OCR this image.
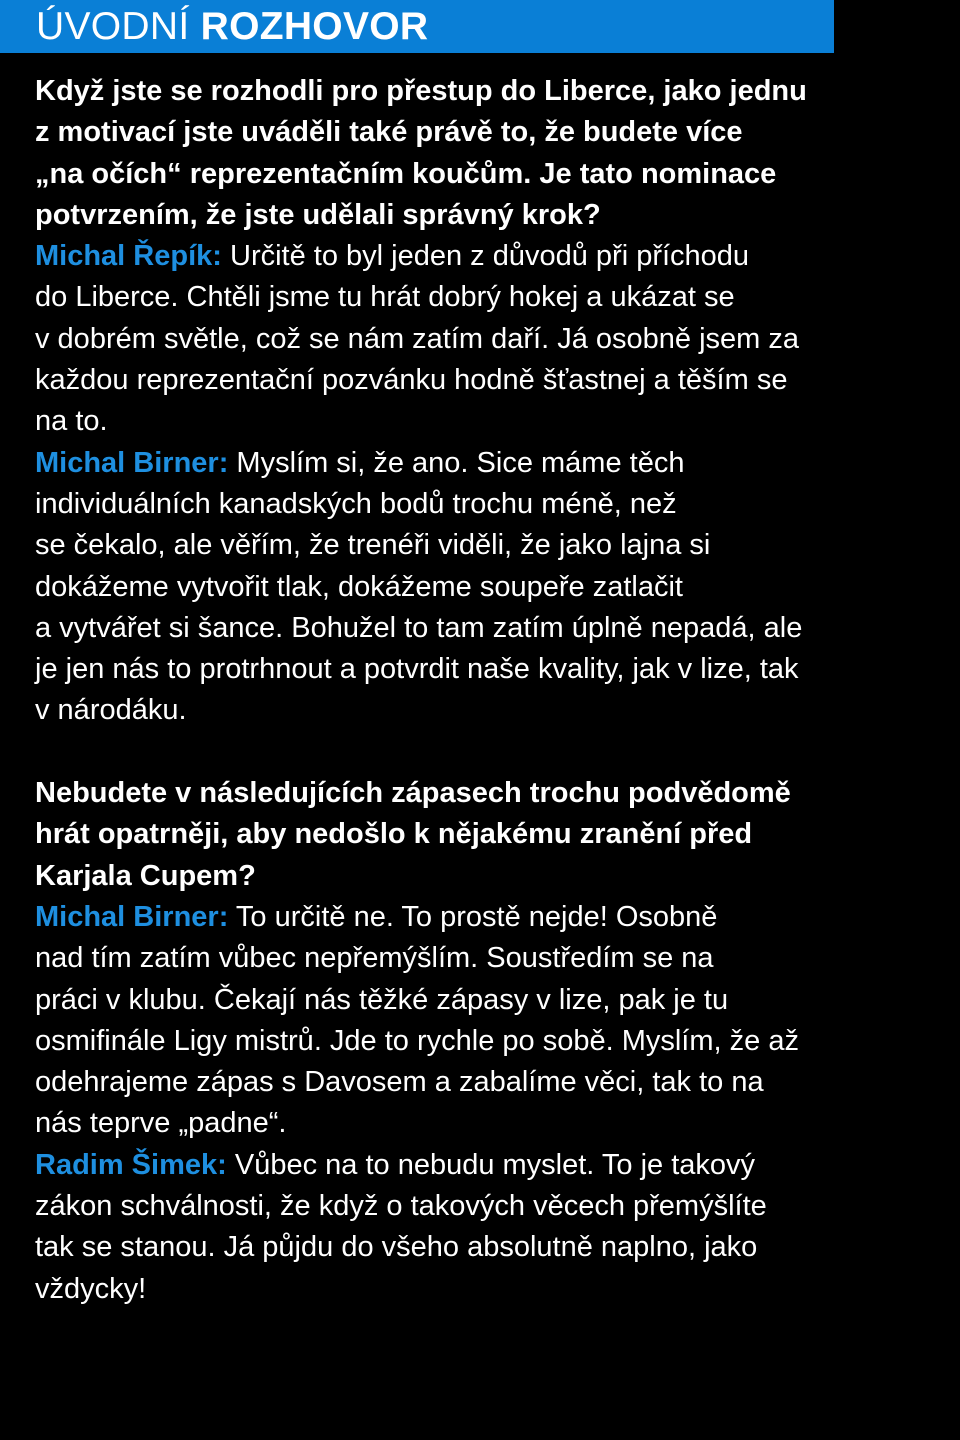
ÚVODNÍ ROZHOVOR
Když jste se rozhodli pro přestup do Liberce, jako jednu
z motivací jste uváděli také právě to, že budete více
„na očích“ reprezentačním koučům. Je tato nominace
potvrzením, že jste udělali správný krok?
Michal Řepík: Určitě to byl jeden z důvodů při příchodu
do Liberce. Chtěli jsme tu hrát dobrý hokej a ukázat se
v dobrém světle, což se nám zatím daří. Já osobně jsem za
každou reprezentační pozvánku hodně šťastnej a těším se
na to.
Michal Birner: Myslím si, že ano. Sice máme těch
individuálních kanadských bodů trochu méně, než
se čekalo, ale věřím, že trenéři viděli, že jako lajna si
dokážeme vytvořit tlak, dokážeme soupeře zatlačit
a vytvářet si šance. Bohužel to tam zatím úplně nepadá, ale
je jen nás to protrhnout a potvrdit naše kvality, jak v lize, tak
v národáku.
Nebudete v následujících zápasech trochu podvědomě
hrát opatrněji, aby nedošlo k nějakému zranění před
Karjala Cupem?
Michal Birner: To určitě ne. To prostě nejde! Osobně
nad tím zatím vůbec nepřemýšlím. Soustředím se na
práci v klubu. Čekají nás těžké zápasy v lize, pak je tu
osmifinále Ligy mistrů. Jde to rychle po sobě. Myslím, že až
odehrajeme zápas s Davosem a zabalíme věci, tak to na
nás teprve „padne“.
Radim Šimek: Vůbec na to nebudu myslet. To je takový
zákon schválnosti, že když o takových věcech přemýšlíte
tak se stanou. Já půjdu do všeho absolutně naplno, jako
vždycky!
